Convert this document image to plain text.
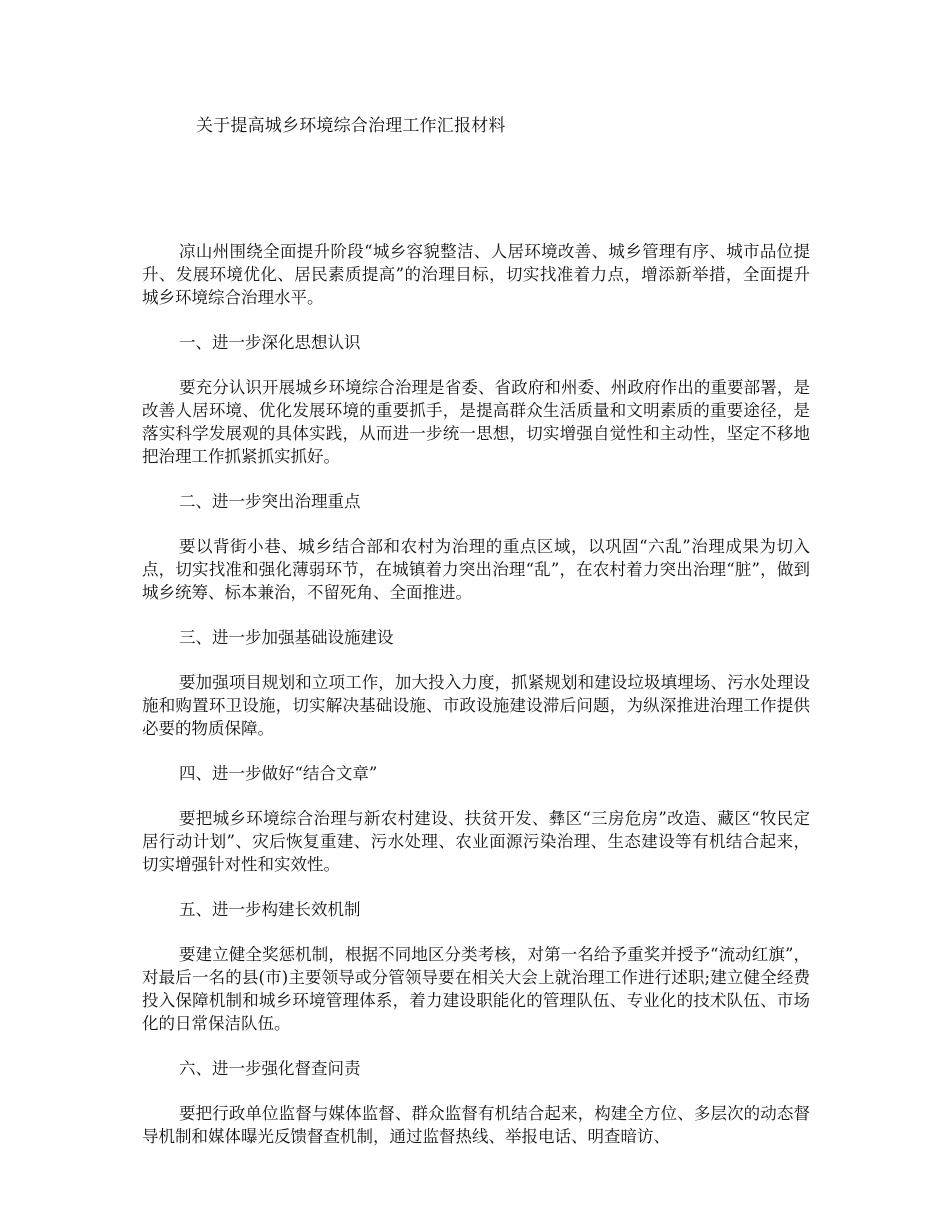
关于提高城乡环境综合治理工作汇报材料

凉山州围绕全面提升阶段“城乡容貌整洁、人居环境改善、城乡管理有序、城市品位提升、发展环境优化、居民素质提高”的治理目标，切实找准着力点，增添新举措，全面提升城乡环境综合治理水平。

一、进一步深化思想认识

要充分认识开展城乡环境综合治理是省委、省政府和州委、州政府作出的重要部署，是改善人居环境、优化发展环境的重要抓手，是提高群众生活质量和文明素质的重要途径，是落实科学发展观的具体实践，从而进一步统一思想，切实增强自觉性和主动性，坚定不移地把治理工作抓紧抓实抓好。

二、进一步突出治理重点

要以背街小巷、城乡结合部和农村为治理的重点区域，以巩固“六乱”治理成果为切入点，切实找准和强化薄弱环节，在城镇着力突出治理“乱”，在农村着力突出治理“脏”，做到城乡统筹、标本兼治，不留死角、全面推进。

三、进一步加强基础设施建设

要加强项目规划和立项工作，加大投入力度，抓紧规划和建设垃圾填埋场、污水处理设施和购置环卫设施，切实解决基础设施、市政设施建设滞后问题，为纵深推进治理工作提供必要的物质保障。

四、进一步做好“结合文章”

要把城乡环境综合治理与新农村建设、扶贫开发、彝区“三房危房”改造、藏区“牧民定居行动计划”、灾后恢复重建、污水处理、农业面源污染治理、生态建设等有机结合起来，切实增强针对性和实效性。

五、进一步构建长效机制

要建立健全奖惩机制，根据不同地区分类考核，对第一名给予重奖并授予“流动红旗”，对最后一名的县(市)主要领导或分管领导要在相关大会上就治理工作进行述职;建立健全经费投入保障机制和城乡环境管理体系，着力建设职能化的管理队伍、专业化的技术队伍、市场化的日常保洁队伍。

六、进一步强化督查问责

要把行政单位监督与媒体监督、群众监督有机结合起来，构建全方位、多层次的动态督导机制和媒体曝光反馈督查机制，通过监督热线、举报电话、明查暗访、
